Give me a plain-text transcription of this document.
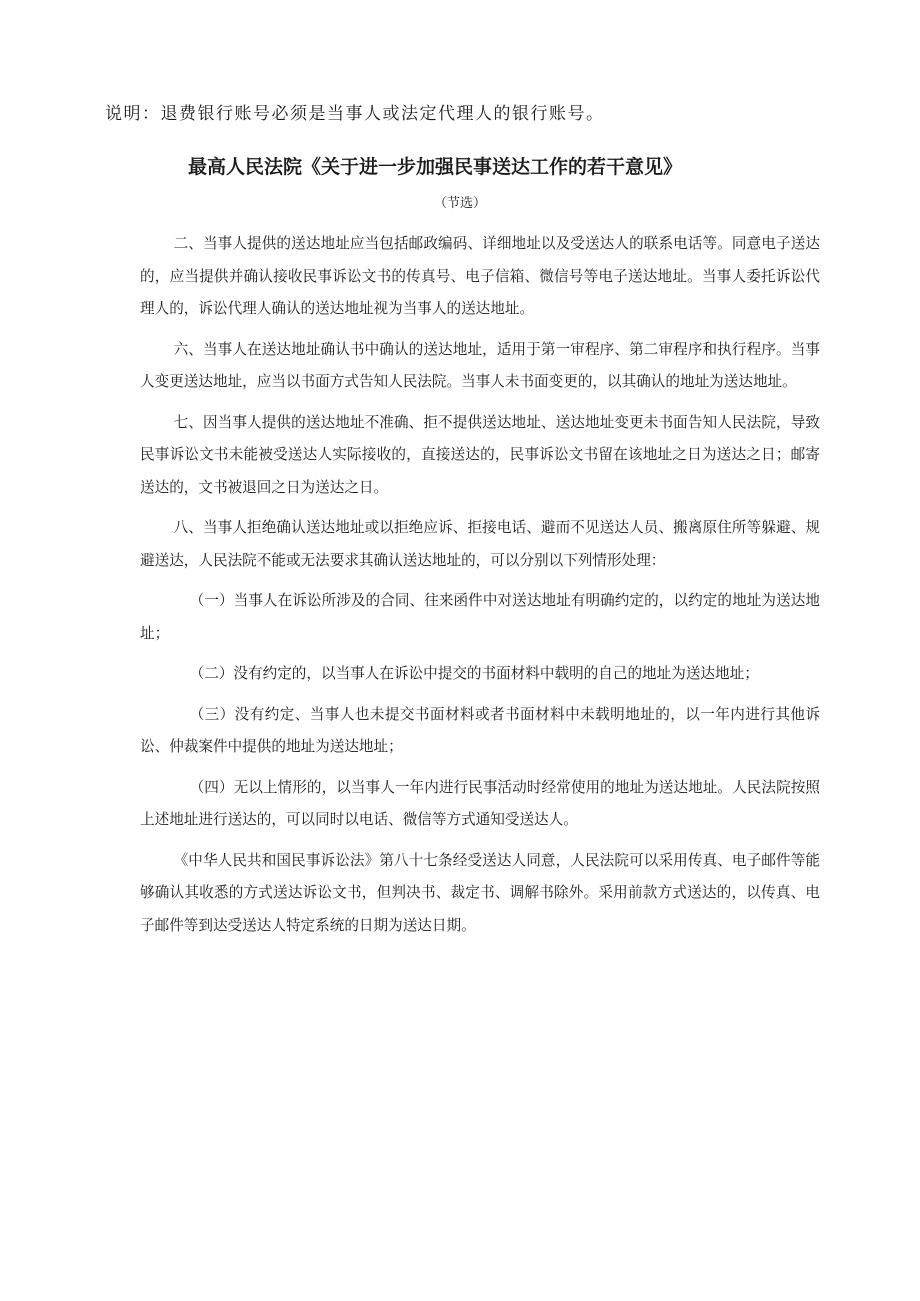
说明：退费银行账号必须是当事人或法定代理人的银行账号。
最高人民法院《关于进一步加强民事送达工作的若干意见》
（节选）

二、当事人提供的送达地址应当包括邮政编码、详细地址以及受送达人的联系电话等。同意电子送达的，应当提供并确认接收民事诉讼文书的传真号、电子信箱、微信号等电子送达地址。当事人委托诉讼代理人的，诉讼代理人确认的送达地址视为当事人的送达地址。

六、当事人在送达地址确认书中确认的送达地址，适用于第一审程序、第二审程序和执行程序。当事人变更送达地址，应当以书面方式告知人民法院。当事人未书面变更的，以其确认的地址为送达地址。

七、因当事人提供的送达地址不准确、拒不提供送达地址、送达地址变更未书面告知人民法院，导致民事诉讼文书未能被受送达人实际接收的，直接送达的，民事诉讼文书留在该地址之日为送达之日；邮寄送达的，文书被退回之日为送达之日。

八、当事人拒绝确认送达地址或以拒绝应诉、拒接电话、避而不见送达人员、搬离原住所等躲避、规避送达，人民法院不能或无法要求其确认送达地址的，可以分别以下列情形处理：

（一）当事人在诉讼所涉及的合同、往来函件中对送达地址有明确约定的，以约定的地址为送达地址；

（二）没有约定的，以当事人在诉讼中提交的书面材料中载明的自己的地址为送达地址；

（三）没有约定、当事人也未提交书面材料或者书面材料中未载明地址的，以一年内进行其他诉讼、仲裁案件中提供的地址为送达地址；

（四）无以上情形的，以当事人一年内进行民事活动时经常使用的地址为送达地址。人民法院按照上述地址进行送达的，可以同时以电话、微信等方式通知受送达人。

《中华人民共和国民事诉讼法》第八十七条经受送达人同意，人民法院可以采用传真、电子邮件等能够确认其收悉的方式送达诉讼文书，但判决书、裁定书、调解书除外。采用前款方式送达的，以传真、电子邮件等到达受送达人特定系统的日期为送达日期。
